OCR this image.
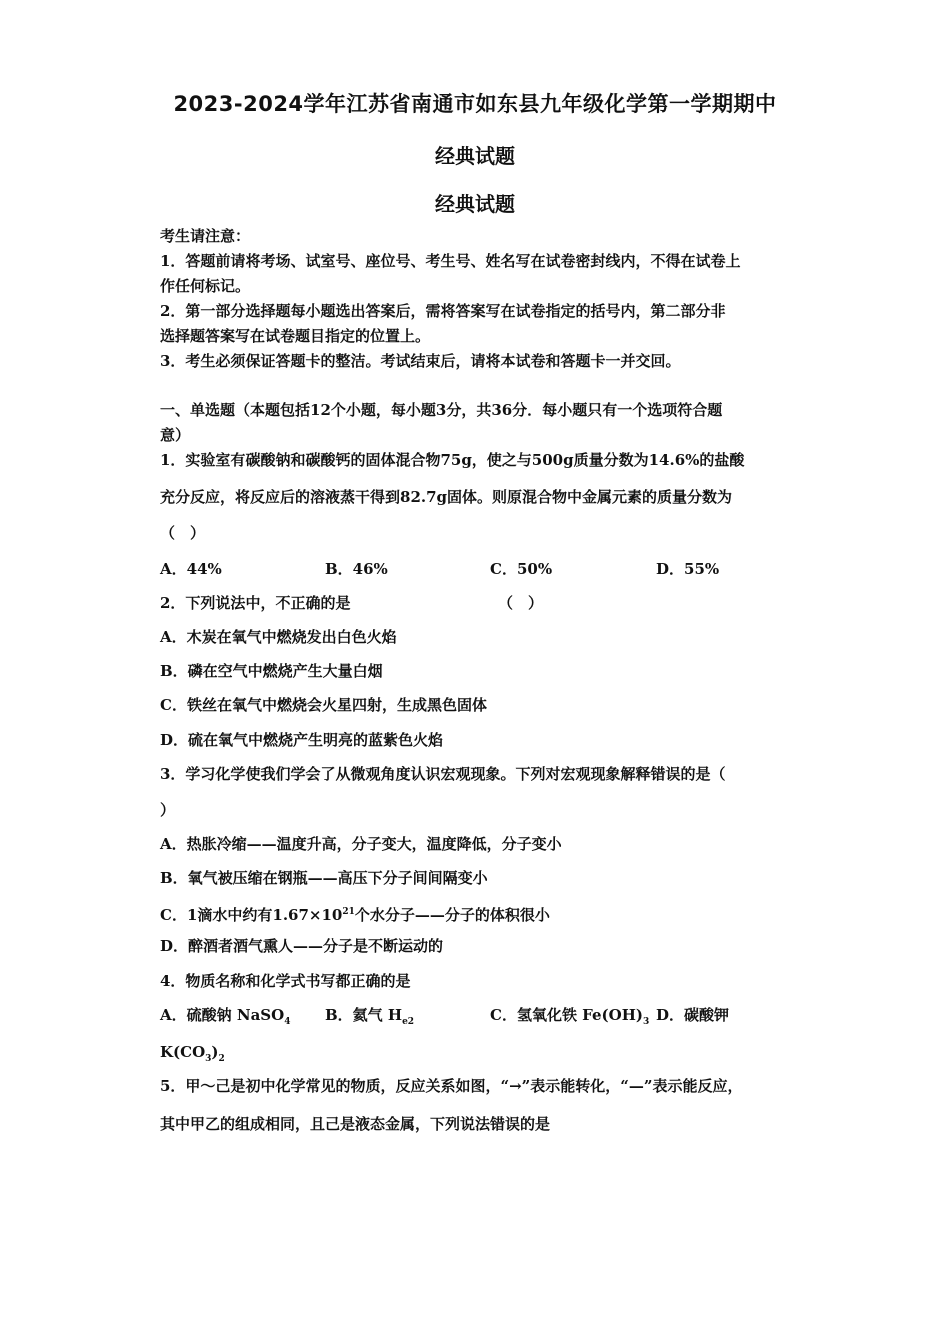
2023-2024学年江苏省南通市如东县九年级化学第一学期期中
经典试题
经典试题
考生请注意：
1．答题前请将考场、试室号、座位号、考生号、姓名写在试卷密封线内，不得在试卷上
作任何标记。
2．第一部分选择题每小题选出答案后，需将答案写在试卷指定的括号内，第二部分非
选择题答案写在试卷题目指定的位置上。
3．考生必须保证答题卡的整洁。考试结束后，请将本试卷和答题卡一并交回。
一、单选题（本题包括12个小题，每小题3分，共36分．每小题只有一个选项符合题
意）
1．实验室有碳酸钠和碳酸钙的固体混合物75g，使之与500g质量分数为14.6%的盐酸
充分反应，将反应后的溶液蒸干得到82.7g固体。则原混合物中金属元素的质量分数为
（　）
A．44%	B．46%	C．50%	D．55%
2．下列说法中，不正确的是	（　）
A．木炭在氧气中燃烧发出白色火焰
B．磷在空气中燃烧产生大量白烟
C．铁丝在氧气中燃烧会火星四射，生成黑色固体
D．硫在氧气中燃烧产生明亮的蓝紫色火焰
3．学习化学使我们学会了从微观角度认识宏观现象。下列对宏观现象解释错误的是（
）
A．热胀冷缩——温度升高，分子变大，温度降低，分子变小
B．氧气被压缩在钢瓶——高压下分子间间隔变小
C．1滴水中约有$1.67\times 10^{21}$个水分子——分子的体积很小
D．醉酒者酒气熏人——分子是不断运动的
4．物质名称和化学式书写都正确的是
A．硫酸钠 NaSO$_4$ B．氦气 $H_{e2}$	C．氢氧化铁 $Fe(OH)_3$ D．碳酸钾
$K(CO_3)_2$
5．甲～己是初中化学常见的物质，反应关系如图，“→”表示能转化，“—”表示能反应，
其中甲乙的组成相同，且己是液态金属，下列说法错误的是
